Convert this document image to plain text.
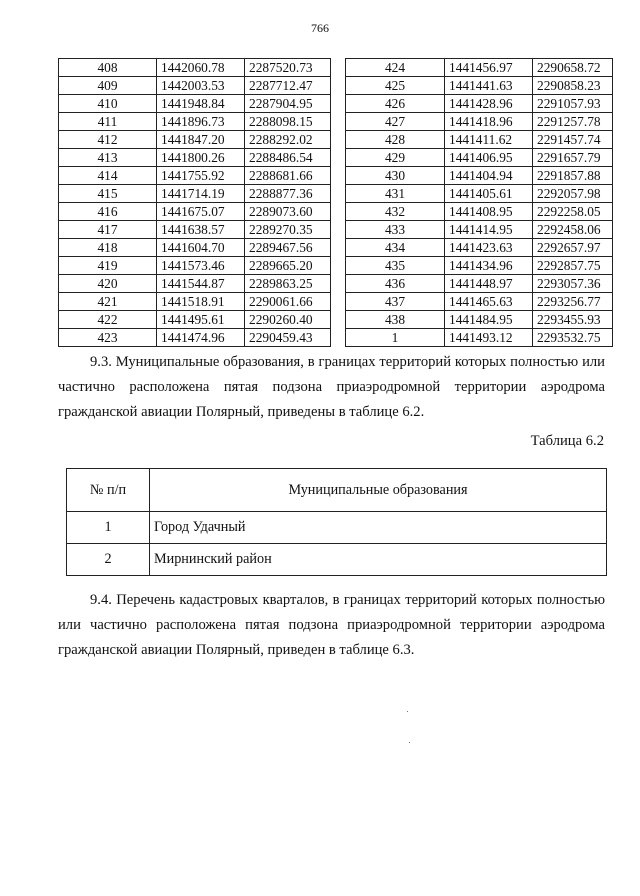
766
408	1442060.78	2287520.73
409	1442003.53	2287712.47
410	1441948.84	2287904.95
411	1441896.73	2288098.15
412	1441847.20	2288292.02
413	1441800.26	2288486.54
414	1441755.92	2288681.66
415	1441714.19	2288877.36
416	1441675.07	2289073.60
417	1441638.57	2289270.35
418	1441604.70	2289467.56
419	1441573.46	2289665.20
420	1441544.87	2289863.25
421	1441518.91	2290061.66
422	1441495.61	2290260.40
423	1441474.96	2290459.43
424	1441456.97	2290658.72
425	1441441.63	2290858.23
426	1441428.96	2291057.93
427	1441418.96	2291257.78
428	1441411.62	2291457.74
429	1441406.95	2291657.79
430	1441404.94	2291857.88
431	1441405.61	2292057.98
432	1441408.95	2292258.05
433	1441414.95	2292458.06
434	1441423.63	2292657.97
435	1441434.96	2292857.75
436	1441448.97	2293057.36
437	1441465.63	2293256.77
438	1441484.95	2293455.93
1	1441493.12	2293532.75
9.3. Муниципальные образования, в границах территорий которых полностью или частично расположена пятая подзона приаэродромной территории аэродрома гражданской авиации Полярный, приведены в таблице 6.2.
Таблица 6.2
№ п/п	Муниципальные образования
1	Город Удачный
2	Мирнинский район
9.4. Перечень кадастровых кварталов, в границах территорий которых полностью или частично расположена пятая подзона приаэродромной территории аэродрома гражданской авиации Полярный, приведен в таблице 6.3.
